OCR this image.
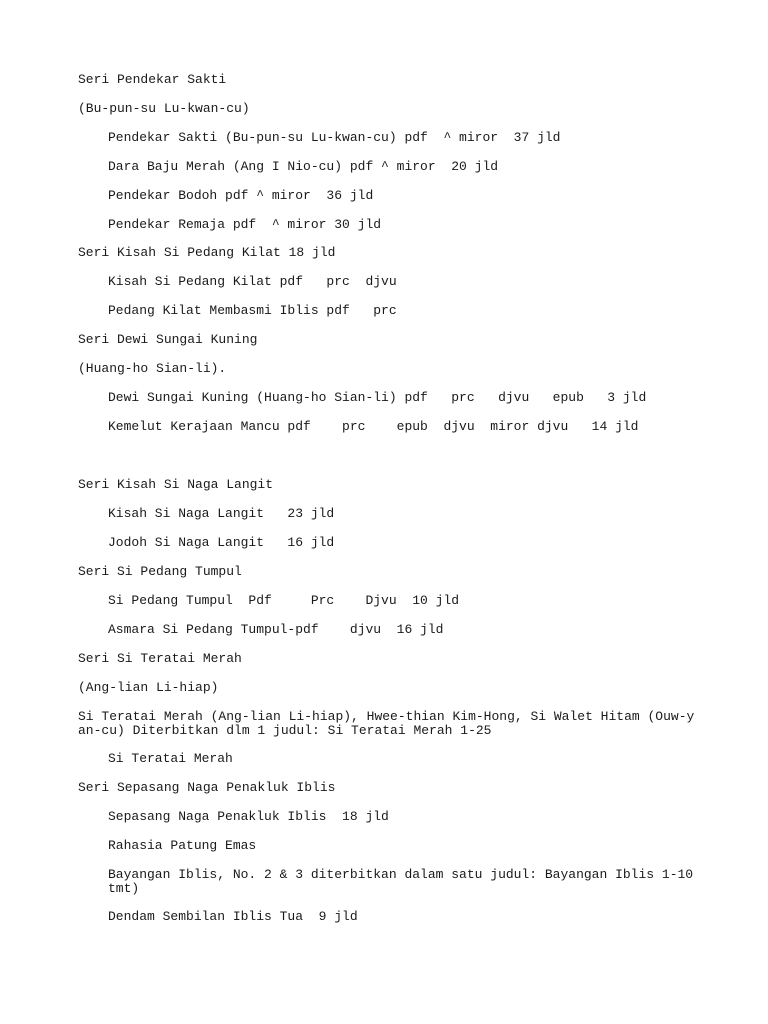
Seri Pendekar Sakti

(Bu-pun-su Lu-kwan-cu)

Pendekar Sakti (Bu-pun-su Lu-kwan-cu) pdf  ^ miror  37 jld

Dara Baju Merah (Ang I Nio-cu) pdf ^ miror  20 jld

Pendekar Bodoh pdf ^ miror  36 jld

Pendekar Remaja pdf  ^ miror 30 jld

Seri Kisah Si Pedang Kilat 18 jld

Kisah Si Pedang Kilat pdf   prc  djvu

Pedang Kilat Membasmi Iblis pdf   prc

Seri Dewi Sungai Kuning

(Huang-ho Sian-li).

Dewi Sungai Kuning (Huang-ho Sian-li) pdf   prc   djvu   epub   3 jld

Kemelut Kerajaan Mancu pdf    prc    epub  djvu  miror djvu   14 jld

Seri Kisah Si Naga Langit

Kisah Si Naga Langit   23 jld

Jodoh Si Naga Langit   16 jld

Seri Si Pedang Tumpul

Si Pedang Tumpul  Pdf     Prc    Djvu  10 jld

Asmara Si Pedang Tumpul-pdf    djvu  16 jld

Seri Si Teratai Merah

(Ang-lian Li-hiap)

Si Teratai Merah (Ang-lian Li-hiap), Hwee-thian Kim-Hong, Si Walet Hitam (Ouw-yan-cu) Diterbitkan dlm 1 judul: Si Teratai Merah 1-25

Si Teratai Merah

Seri Sepasang Naga Penakluk Iblis

Sepasang Naga Penakluk Iblis  18 jld

Rahasia Patung Emas

Bayangan Iblis, No. 2 & 3 diterbitkan dalam satu judul: Bayangan Iblis 1-10 tmt)

Dendam Sembilan Iblis Tua  9 jld
